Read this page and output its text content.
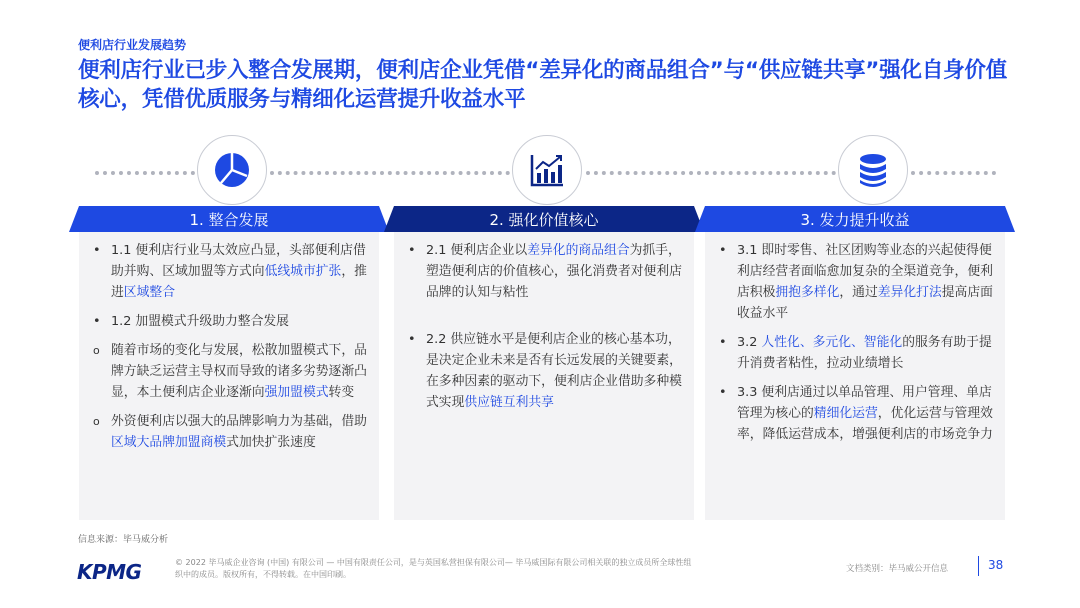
便利店行业发展趋势
便利店行业已步入整合发展期，便利店企业凭借“差异化的商品组合”与“供应链共享”强化自身价值核心，凭借优质服务与精细化运营提升收益水平
1. 整合发展
• 1.1 便利店行业马太效应凸显，头部便利店借助并购、区域加盟等方式向低线城市扩张，推进区域整合
• 1.2 加盟模式升级助力整合发展
o 随着市场的变化与发展，松散加盟模式下，品牌方缺乏运营主导权而导致的诸多劣势逐渐凸显，本土便利店企业逐渐向强加盟模式转变
o 外资便利店以强大的品牌影响力为基础，借助区域大品牌加盟商模式加快扩张速度
2. 强化价值核心
• 2.1 便利店企业以差异化的商品组合为抓手，塑造便利店的价值核心，强化消费者对便利店品牌的认知与粘性
• 2.2 供应链水平是便利店企业的核心基本功，是决定企业未来是否有长远发展的关键要素，在多种因素的驱动下，便利店企业借助多种模式实现供应链互利共享
3. 发力提升收益
• 3.1 即时零售、社区团购等业态的兴起使得便利店经营者面临愈加复杂的全渠道竞争，便利店积极拥抱多样化，通过差异化打法提高店面收益水平
• 3.2 人性化、多元化、智能化的服务有助于提升消费者粘性，拉动业绩增长
• 3.3 便利店通过以单品管理、用户管理、单店管理为核心的精细化运营，优化运营与管理效率，降低运营成本，增强便利店的市场竞争力
信息来源：毕马威分析
KPMG	© 2022 毕马威企业咨询 (中国) 有限公司 — 中国有限责任公司，是与英国私营担保有限公司— 毕马威国际有限公司相关联的独立成员所全球性组织中的成员。版权所有，不得转载。在中国印刷。
文档类别：毕马威公开信息	38
